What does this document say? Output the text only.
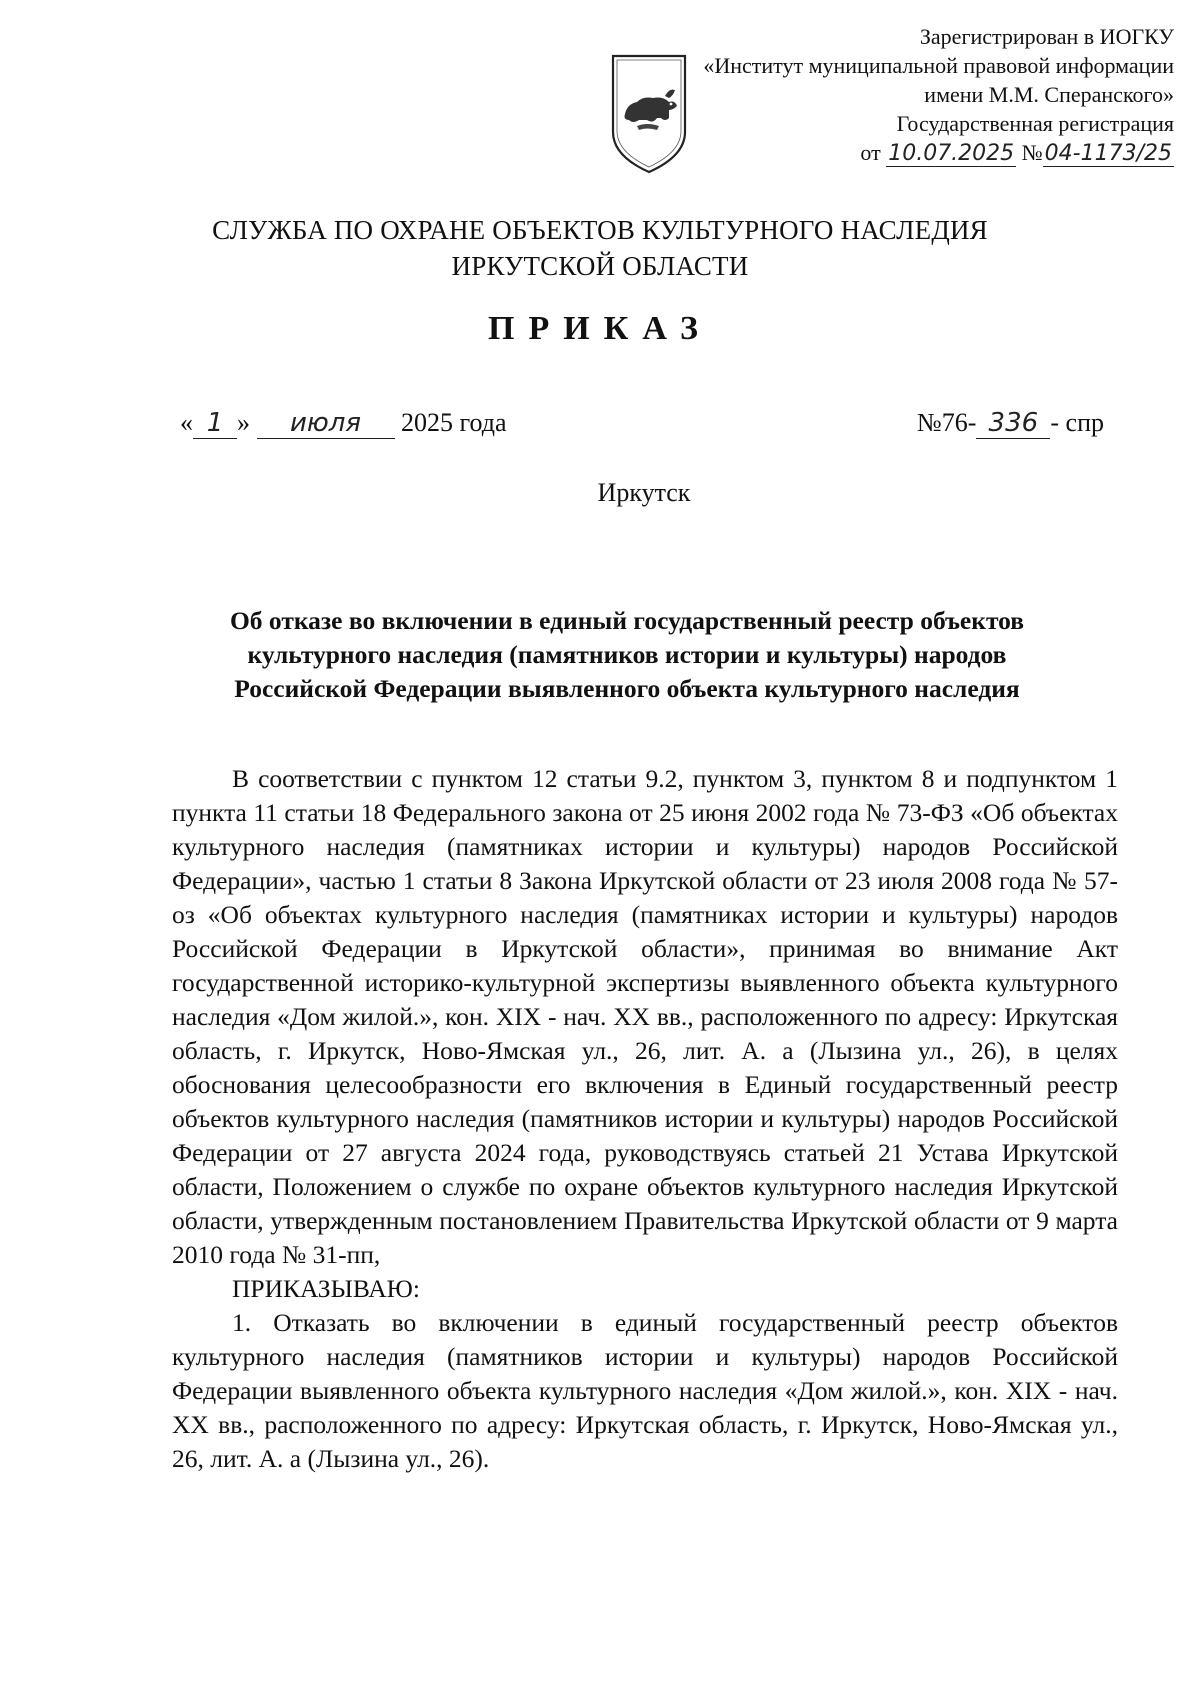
Зарегистрирован в ИОГКУ
«Институт муниципальной правовой информации
имени М.М. Сперанского»
Государственная регистрация
от 10.07.2025 №04-1173/25
СЛУЖБА ПО ОХРАНЕ ОБЪЕКТОВ КУЛЬТУРНОГО НАСЛЕДИЯ
ИРКУТСКОЙ ОБЛАСТИ
ПРИКАЗ
« 1 » июля 2025 года	№76- 336 - спр
Иркутск
Об отказе во включении в единый государственный реестр объектов
культурного наследия (памятников истории и культуры) народов
Российской Федерации выявленного объекта культурного наследия

В соответствии с пунктом 12 статьи 9.2, пунктом 3, пунктом 8 и подпунктом 1 пункта 11 статьи 18 Федерального закона от 25 июня 2002 года № 73-ФЗ «Об объектах культурного наследия (памятниках истории и культуры) народов Российской Федерации», частью 1 статьи 8 Закона Иркутской области от 23 июля 2008 года № 57-оз «Об объектах культурного наследия (памятниках истории и культуры) народов Российской Федерации в Иркутской области», принимая во внимание Акт государственной историко-культурной экспертизы выявленного объекта культурного наследия «Дом жилой.», кон. XIX - нач. XX вв., расположенного по адресу: Иркутская область, г. Иркутск, Ново-Ямская ул., 26, лит. А. а (Лызина ул., 26), в целях обоснования целесообразности его включения в Единый государственный реестр объектов культурного наследия (памятников истории и культуры) народов Российской Федерации от 27 августа 2024 года, руководствуясь статьей 21 Устава Иркутской области, Положением о службе по охране объектов культурного наследия Иркутской области, утвержденным постановлением Правительства Иркутской области от 9 марта 2010 года № 31-пп,

ПРИКАЗЫВАЮ:

1. Отказать во включении в единый государственный реестр объектов культурного наследия (памятников истории и культуры) народов Российской Федерации выявленного объекта культурного наследия «Дом жилой.», кон. XIX - нач. XX вв., расположенного по адресу: Иркутская область, г. Иркутск, Ново-Ямская ул., 26, лит. А. а (Лызина ул., 26).
